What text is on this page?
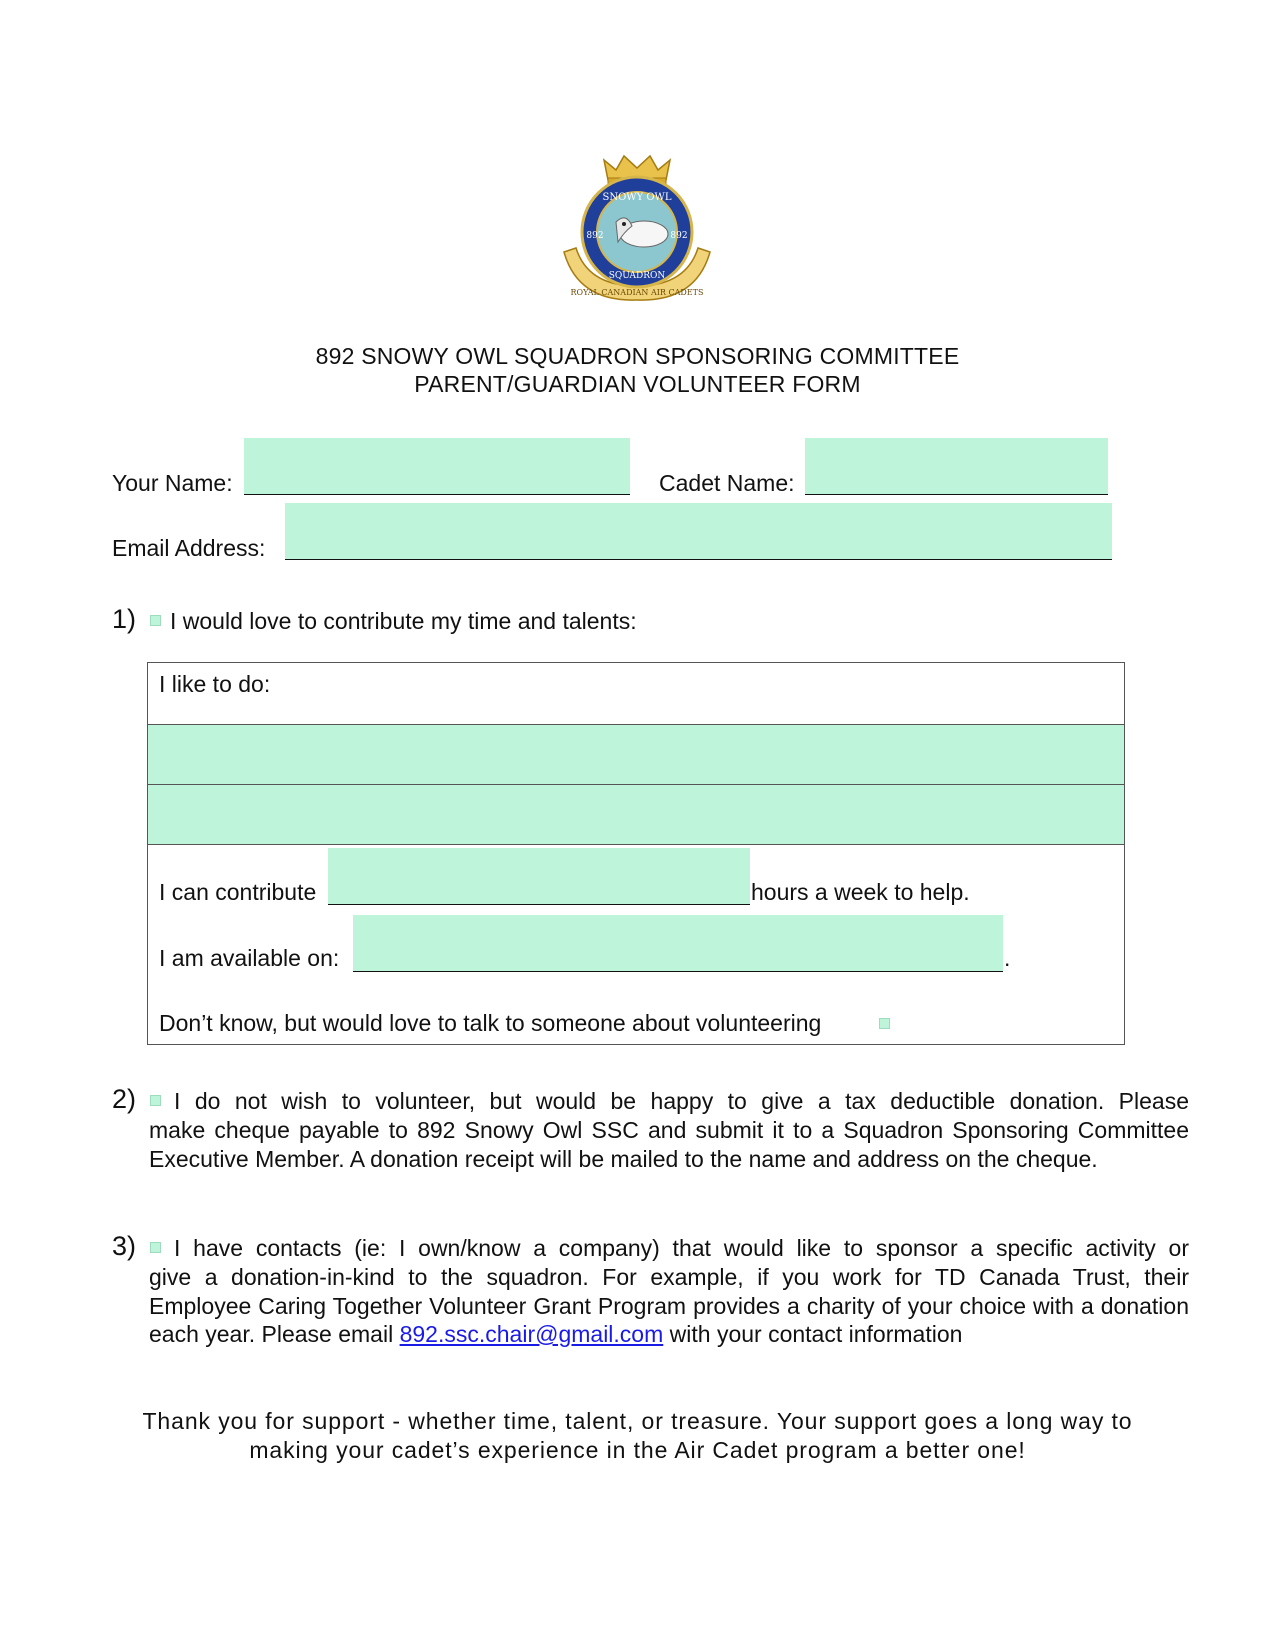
SNOWY OWL
892	892
SQUADRON
ROYAL CANADIAN AIR CADETS
892 SNOWY OWL SQUADRON SPONSORING COMMITTEE
PARENT/GUARDIAN VOLUNTEER FORM
Your Name:	Cadet Name:
Email Address:
1) I would love to contribute my time and talents:
I like to do:
I can contribute	hours a week to help.
I am available on:	.
Don’t know, but would love to talk to someone about volunteering
2) I do not wish to volunteer, but would be happy to give a tax deductible donation. Please
make cheque payable to 892 Snowy Owl SSC and submit it to a Squadron Sponsoring Committee Executive Member. A donation receipt will be mailed to the name and address on the cheque.
3) I have contacts (ie: I own/know a company) that would like to sponsor a specific activity or
give a donation-in-kind to the squadron. For example, if you work for TD Canada Trust, their Employee Caring Together Volunteer Grant Program provides a charity of your choice with a donation each year. Please email 892.ssc.chair@gmail.com with your contact information
Thank you for support - whether time, talent, or treasure. Your support goes a long way to
making your cadet’s experience in the Air Cadet program a better one!
